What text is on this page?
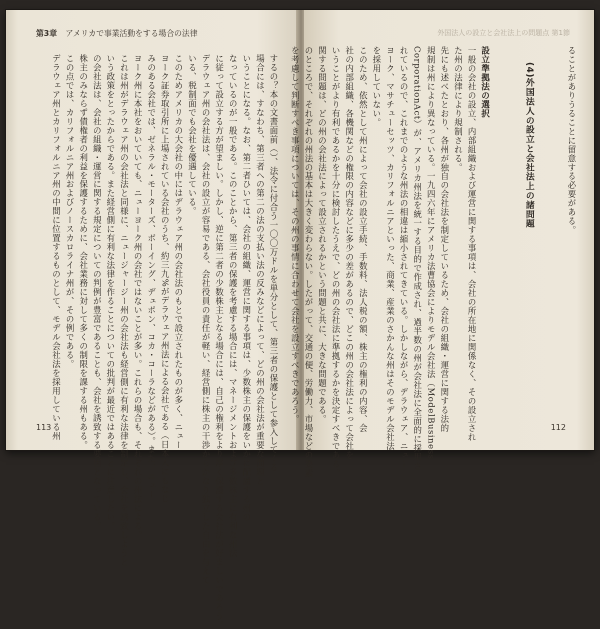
第3章 アメリカで事業活動をする場合の法律
するの？本の文書面前（）、法令に付合う一〇〇万ドルを単分として、第三者の保護として参入してくる
場合には、すなわち、第三者への第二の法の支払い法の反みなどによって、どの州の会社法が重要な問題と
いうことになる。なお、第二者ひいては、会社の組織、運営に関する事項は、少数株主の保護をいかに配慮する州の
なっているのが一般である。このことから、第三者の保護を考慮する場合には、マネージメントおよび多数株主に有利な州法
に従って設立する方が望ましい。しかし、逆に第二者の少数株主となる場合には、自己の権利をより厚く保護する会社法が好ましいであろう。
デラウェア州の会社法は、会社の設立が容易である、会社役員の責任が軽い、経営側に株主の干渉からかなり独立した自由を与えて
いる、税制面でも会社を優遇している。
このためアメリカの大会社の中にはデラウェア州の会社法のもとで設立されたものが多く、ニュー
ヨーク証券取引所に上場されている会社のうち、約三九%がデラウェア州法による会社である（日本人にもなじ
みのある会社では、ゼネラル・モーターズ、ボーイング、デュポン、コカ・コーラなどがある）。また、ニュー
ヨーク州に本社をおいていても、ニューヨーク州の会社ではないことが多い。これらの場合も、それぞれの州法による。
これは州がデラウェア州の会社法と同様に、ニュージャージー州の会社法も経営側に有利な法律を制定し、会社を誘致しようと
いう政策をとったからである。また経営側に有利な法律を作ることについての批判が最近ではあることに注意したい。
の会社法は、会社の組織・運営に関する規定についての判例が豊富であることも、会社を誘致する要因となっている。
株主のみならず債権者の利益を保護するために、会社業務に対して多くの制限を課する州もある。
この点では、カリフォルニア州およびノースカロライナ州が、その例である。
デラウェア州とカリフォルニア州の中間に位置するものとして、モデル会社法を採用している州
113
外国法人の設立と会社法上の問題点 第1節
ることがありうることに留意する必要がある。

(4)外国法人の設立と会社法上の諸問題

設立準拠法の選択
一般の会社の設立、内部組織および運営に関する事項は、会社の所在地に関係なく、その設立され
た州の法律により規制される。
先にも述べたとおり、各州が独自の会社法を制定しているため、会社の組織・運営に関する法的
規制は州により異なっている。一九四六年にアメリカ法曹協会によりモデル会社法（ModelBusiness
CorporationAct）が、アメリカ州法を統一する目的で作成され、過半数の州が会社法に全面的に採用さ
れているので、これまでのような州法の相違は縮小されてきている。しかしながら、デラウェア、ニュー
ヨーク、マサチューセッツ、カリフォルニアといった、商業、産業のさかんな州はそのモデル会社法
を採用していない。
このため、依然として州によって会社の設立手続、手数料、法人税の額、株主の権利の内容、会
社の内部組織、各機関などの権限の内容などに多少の差があるので、どこの州の会社法によって会社を
いうことがより有利であるかを十分に検討したうえで、どの州の会社法に準拠するかを決定すべきである。
関する問題は、どの州の会社法によって設立されるかという問題と共に、大きな問題である。
のところで、それぞれの州法の基本は大きく変わらない。したがって、交通の便、労働力、市場などの要素
を考慮して判断すべき事項については、その州の事情に合わせて会社を設立すべきであろう。
112
